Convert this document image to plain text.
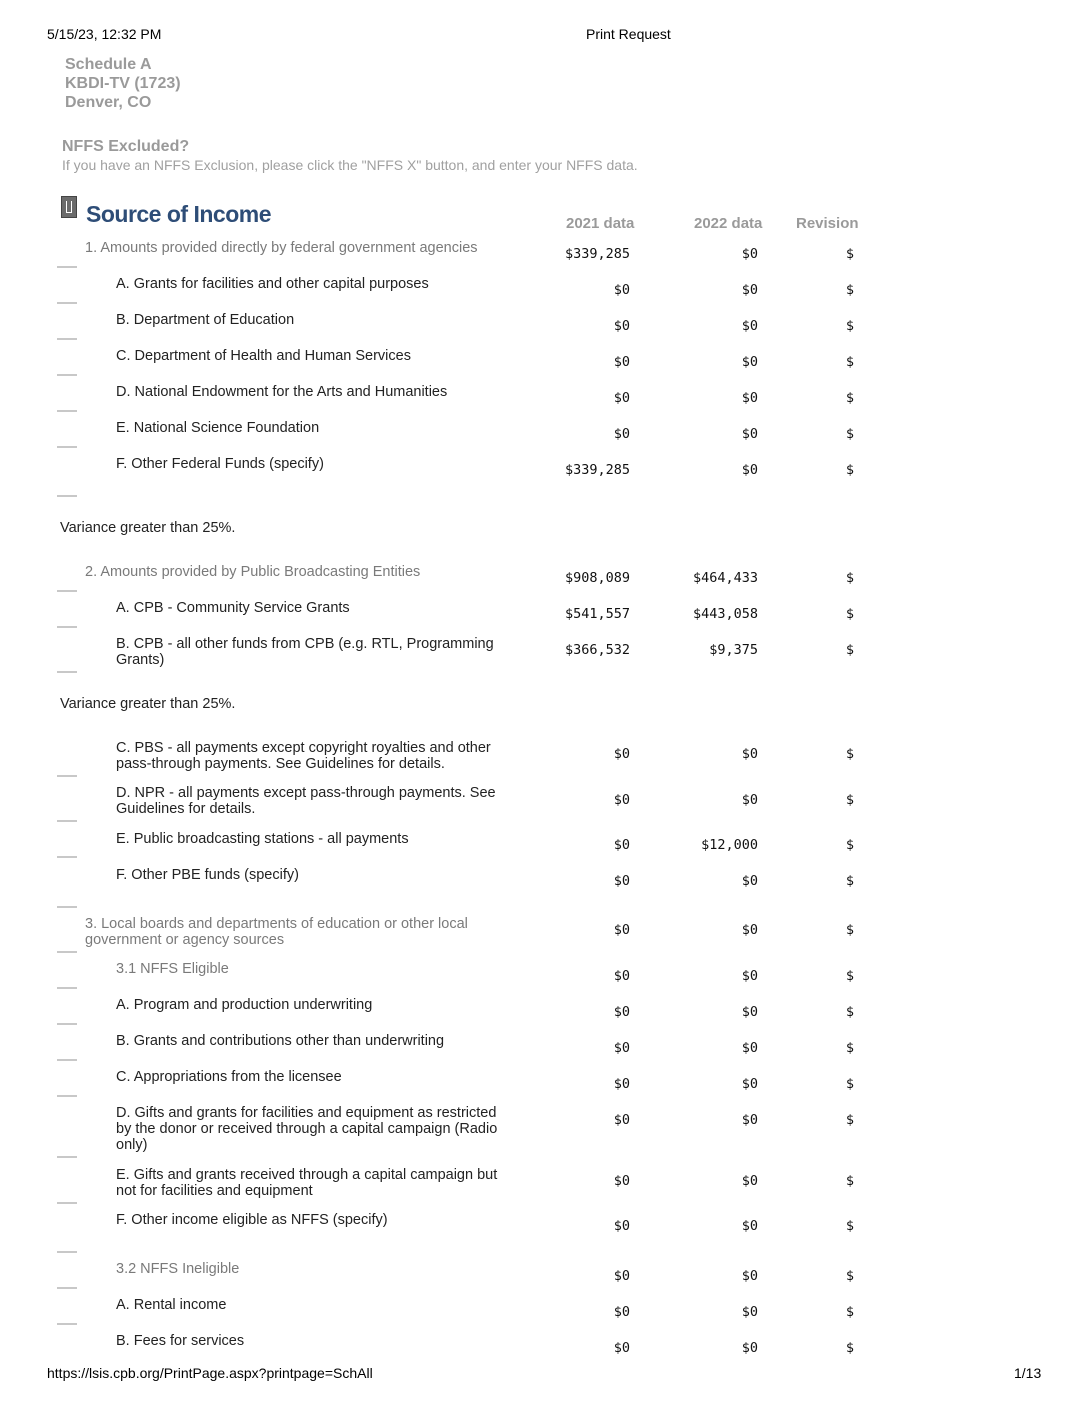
5/15/23, 12:32 PM	Print Request
Schedule A
KBDI-TV (1723)
Denver, CO
NFFS Excluded?
If you have an NFFS Exclusion, please click the "NFFS X" button, and enter your NFFS data.
Source of Income	2021 data	2022 data Revision
1. Amounts provided directly by federal government agencies	$339,285	$0	$
A. Grants for facilities and other capital purposes	$0	$0	$
B. Department of Education	$0	$0	$
C. Department of Health and Human Services	$0	$0	$
D. National Endowment for the Arts and Humanities	$0	$0	$
E. National Science Foundation	$0	$0	$
F. Other Federal Funds (specify)	$339,285	$0	$
Variance greater than 25%.
2. Amounts provided by Public Broadcasting Entities	$908,089	$464,433	$
A. CPB - Community Service Grants	$541,557	$443,058	$
B. CPB - all other funds from CPB (e.g. RTL, Programming Grants)
$366,532	$9,375	$
Variance greater than 25%.
C. PBS - all payments except copyright royalties and other pass-through payments. See Guidelines for details.
$0	$0	$
D. NPR - all payments except pass-through payments. See Guidelines for details.
$0	$0	$
E. Public broadcasting stations - all payments	$0	$12,000	$
F. Other PBE funds (specify)	$0	$0	$
3. Local boards and departments of education or other local government or agency sources
$0	$0	$
3.1 NFFS Eligible	$0	$0	$
A. Program and production underwriting	$0	$0	$
B. Grants and contributions other than underwriting	$0	$0	$
C. Appropriations from the licensee	$0	$0	$
D. Gifts and grants for facilities and equipment as restricted by the donor or received through a capital campaign (Radio only)
$0	$0	$
E. Gifts and grants received through a capital campaign but not for facilities and equipment
$0	$0	$
F. Other income eligible as NFFS (specify)	$0	$0	$
3.2 NFFS Ineligible	$0	$0	$
A. Rental income	$0	$0	$
B. Fees for services	$0	$0	$
https://lsis.cpb.org/PrintPage.aspx?printpage=SchAll	1/13
